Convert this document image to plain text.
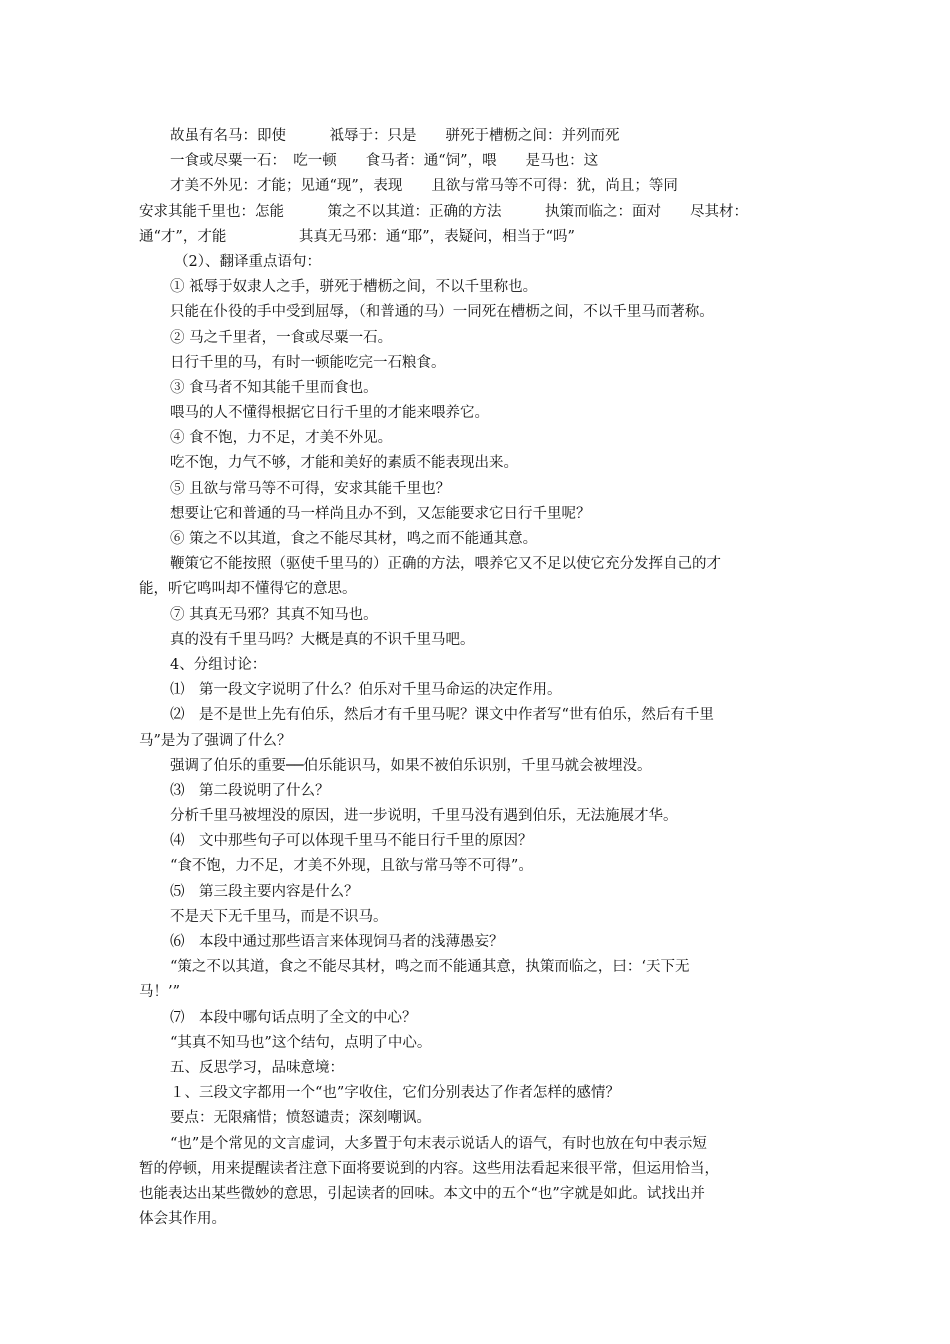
故虽有名马：即使　　　祗辱于：只是　　骈死于槽枥之间：并列而死
一食或尽粟一石：　吃一顿　　食马者：通“饲”，喂　　是马也：这
才美不外见：才能；见通“现”，表现　　且欲与常马等不可得：犹，尚且；等同
安求其能千里也：怎能　　　策之不以其道：正确的方法　　　执策而临之：面对　　尽其材：
通“才”，才能　　　　　其真无马邪：通“耶”，表疑问，相当于“吗”
（2）、翻译重点语句：
① 祗辱于奴隶人之手，骈死于槽枥之间，不以千里称也。
只能在仆役的手中受到屈辱，（和普通的马）一同死在槽枥之间，不以千里马而著称。
② 马之千里者，一食或尽粟一石。
日行千里的马，有时一顿能吃完一石粮食。
③ 食马者不知其能千里而食也。
喂马的人不懂得根据它日行千里的才能来喂养它。
④ 食不饱，力不足，才美不外见。
吃不饱，力气不够，才能和美好的素质不能表现出来。
⑤ 且欲与常马等不可得，安求其能千里也？
想要让它和普通的马一样尚且办不到，又怎能要求它日行千里呢？
⑥ 策之不以其道，食之不能尽其材，鸣之而不能通其意。
鞭策它不能按照（驱使千里马的）正确的方法，喂养它又不足以使它充分发挥自己的才
能，听它鸣叫却不懂得它的意思。
⑦ 其真无马邪？其真不知马也。
真的没有千里马吗？大概是真的不识千里马吧。
4、分组讨论：
⑴　第一段文字说明了什么？伯乐对千里马命运的决定作用。
⑵　是不是世上先有伯乐，然后才有千里马呢？课文中作者写“世有伯乐，然后有千里
马”是为了强调了什么？
强调了伯乐的重要──伯乐能识马，如果不被伯乐识别，千里马就会被埋没。
⑶　第二段说明了什么？
分析千里马被埋没的原因，进一步说明，千里马没有遇到伯乐，无法施展才华。
⑷　文中那些句子可以体现千里马不能日行千里的原因？
“食不饱，力不足，才美不外现，且欲与常马等不可得”。
⑸　第三段主要内容是什么？
不是天下无千里马，而是不识马。
⑹　本段中通过那些语言来体现饲马者的浅薄愚妄？
“策之不以其道，食之不能尽其材，鸣之而不能通其意，执策而临之，曰：‘天下无
马！’”
⑺　本段中哪句话点明了全文的中心？
“其真不知马也”这个结句，点明了中心。
五、反思学习，品味意境：
１、三段文字都用一个“也”字收住，它们分别表达了作者怎样的感情？
要点：无限痛惜；愤怒谴责；深刻嘲讽。
“也”是个常见的文言虚词，大多置于句末表示说话人的语气，有时也放在句中表示短
暂的停顿，用来提醒读者注意下面将要说到的内容。这些用法看起来很平常，但运用恰当，
也能表达出某些微妙的意思，引起读者的回味。本文中的五个“也”字就是如此。试找出并
体会其作用。
